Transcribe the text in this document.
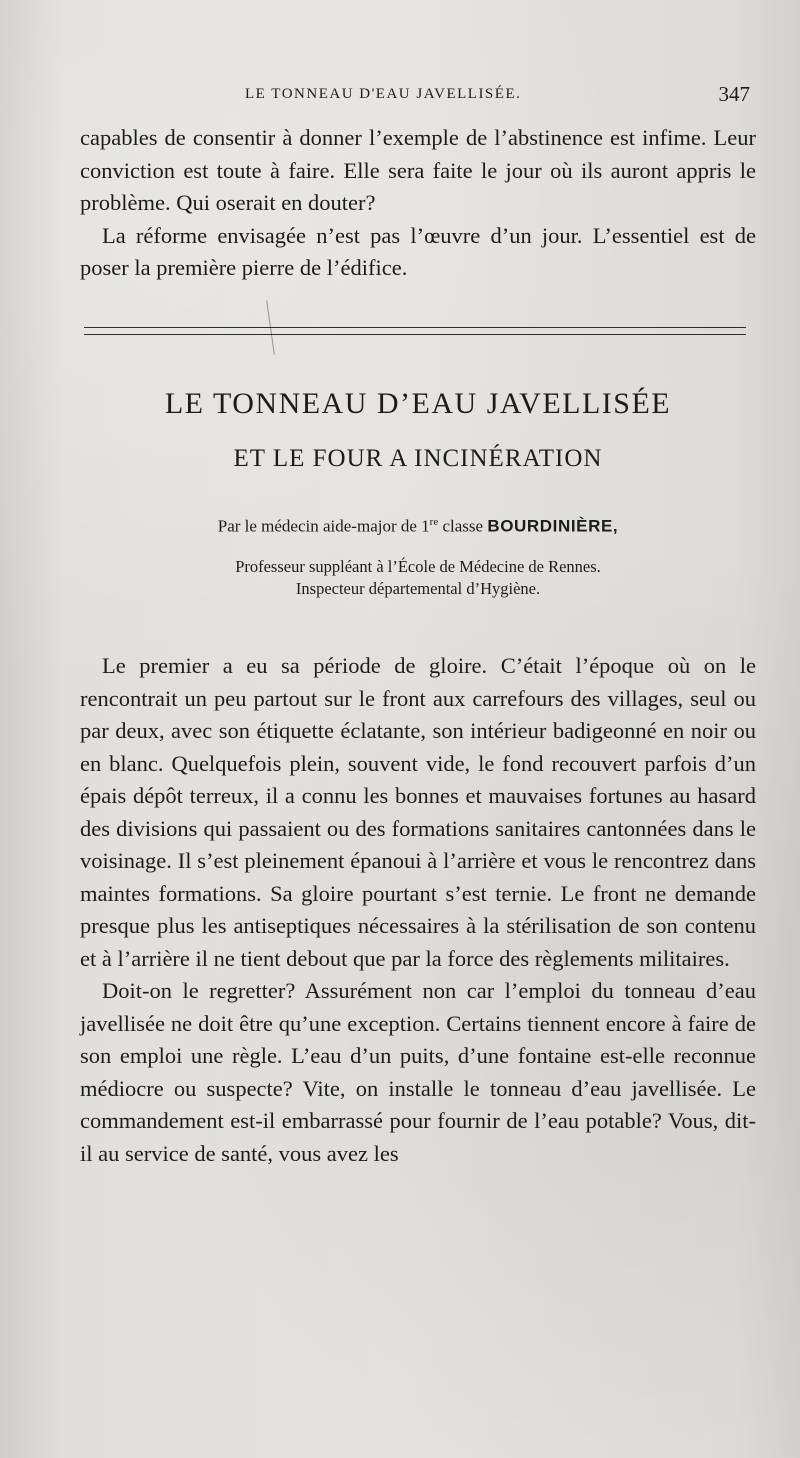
LE TONNEAU D'EAU JAVELLISÉE.	347

capables de consentir à donner l’exemple de l’abstinence est infime. Leur conviction est toute à faire. Elle sera faite le jour où ils auront appris le problème. Qui oserait en douter?

La réforme envisagée n’est pas l’œuvre d’un jour. L’essentiel est de poser la première pierre de l’édifice.

LE TONNEAU D’EAU JAVELLISÉE
ET LE FOUR A INCINÉRATION
Par le médecin aide-major de 1re classe BOURDINIÈRE,
Professeur suppléant à l’École de Médecine de Rennes.
Inspecteur départemental d’Hygiène.

Le premier a eu sa période de gloire. C’était l’époque où on le rencontrait un peu partout sur le front aux carrefours des villages, seul ou par deux, avec son étiquette éclatante, son intérieur badigeonné en noir ou en blanc. Quelquefois plein, souvent vide, le fond recouvert parfois d’un épais dépôt terreux, il a connu les bonnes et mauvaises fortunes au hasard des divisions qui passaient ou des formations sanitaires cantonnées dans le voisinage. Il s’est pleinement épanoui à l’arrière et vous le rencontrez dans maintes formations. Sa gloire pourtant s’est ternie. Le front ne demande presque plus les antiseptiques nécessaires à la stérilisation de son contenu et à l’arrière il ne tient debout que par la force des règlements militaires.

Doit-on le regretter? Assurément non car l’emploi du tonneau d’eau javellisée ne doit être qu’une exception. Certains tiennent encore à faire de son emploi une règle. L’eau d’un puits, d’une fontaine est-elle reconnue médiocre ou suspecte? Vite, on installe le tonneau d’eau javellisée. Le commandement est-il embarrassé pour fournir de l’eau potable? Vous, dit-il au service de santé, vous avez les
